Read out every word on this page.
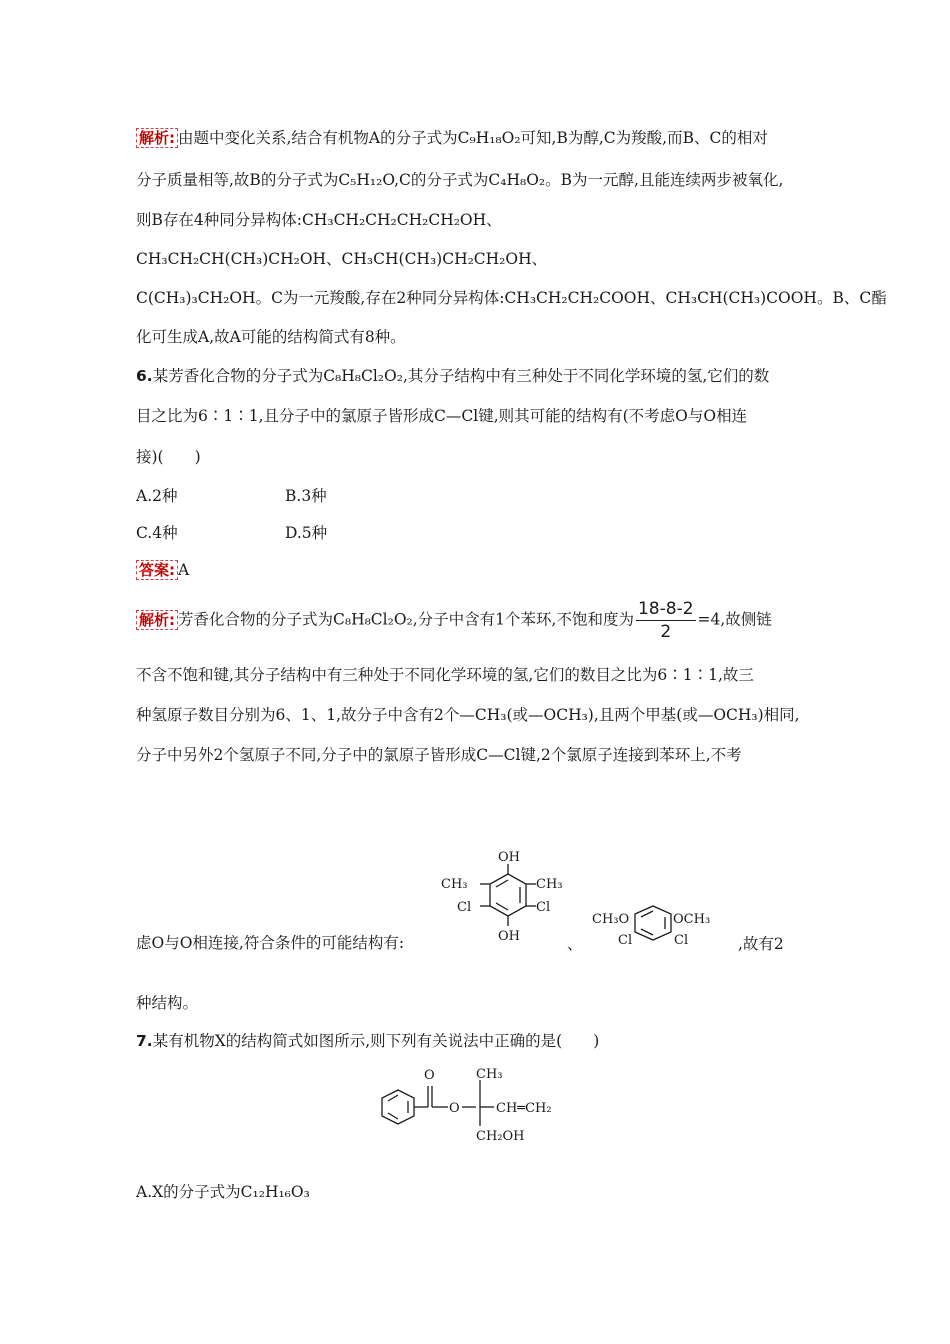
解析: 由题中变化关系,结合有机物A的分子式为C₉H₁₈O₂可知,B为醇,C为羧酸,而B、C的相对
分子质量相等,故B的分子式为C₅H₁₂O,C的分子式为C₄H₈O₂。B为一元醇,且能连续两步被氧化,
则B存在4种同分异构体:CH₃CH₂CH₂CH₂CH₂OH、
CH₃CH₂CH(CH₃)CH₂OH、CH₃CH(CH₃)CH₂CH₂OH、
C(CH₃)₃CH₂OH。C为一元羧酸,存在2种同分异构体:CH₃CH₂CH₂COOH、CH₃CH(CH₃)COOH。B、C酯
化可生成A,故A可能的结构简式有8种。
6.某芳香化合物的分子式为C₈H₈Cl₂O₂,其分子结构中有三种处于不同化学环境的氢,它们的数
目之比为6∶1∶1,且分子中的氯原子皆形成C—Cl键,则其可能的结构有(不考虑O与O相连
接)(　　)
A.2种	B.3种
C.4种	D.5种
答案: A
解析: 芳香化合物的分子式为C₈H₈Cl₂O₂,分子中含有1个苯环,不饱和度为 $\frac{18-8-2}{2} =4$,故侧链
不含不饱和键,其分子结构中有三种处于不同化学环境的氢,它们的数目之比为6∶1∶1,故三
种氢原子数目分别为6、1、1,故分子中含有2个—CH₃(或—OCH₃),且两个甲基(或—OCH₃)相同,
分子中另外2个氢原子不同,分子中的氯原子皆形成C—Cl键,2个氯原子连接到苯环上,不考
虑O与O相连接,符合条件的可能结构有:	、	,故有2
种结构。
OH
CH₃	CH₃
Cl	Cl
OH
CH₃O	OCH₃
Cl	Cl
7.某有机物X的结构简式如图所示,则下列有关说法中正确的是(　　)
O
O
CH₃
CH═CH₂
CH₂OH
A.X的分子式为C₁₂H₁₆O₃
